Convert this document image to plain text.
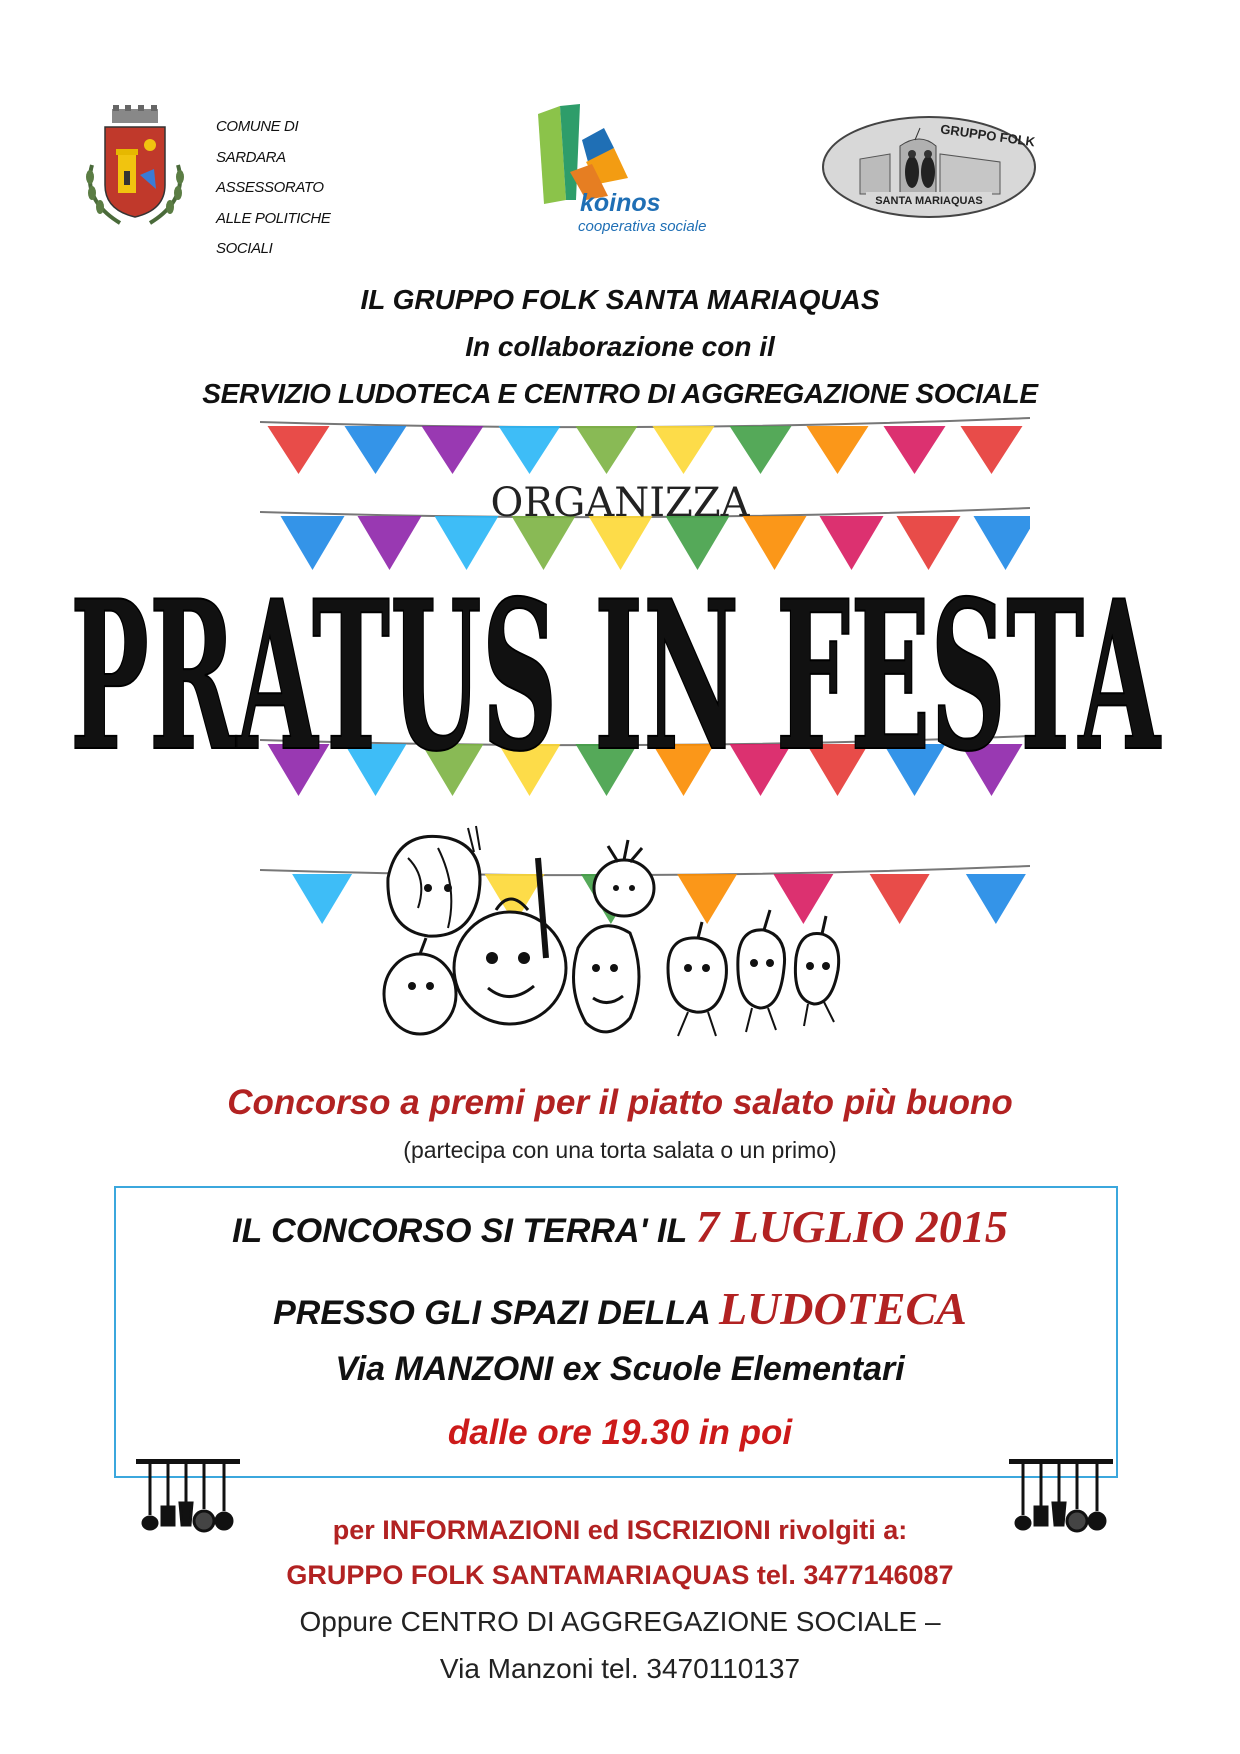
COMUNE DI
SARDARA
ASSESSORATO
ALLE POLITICHE
SOCIALI
koinos
cooperativa sociale
GRUPPO FOLK
SANTA MARIAQUAS
IL GRUPPO FOLK SANTA MARIAQUAS
In collaborazione con il
SERVIZIO LUDOTECA E CENTRO DI AGGREGAZIONE SOCIALE
ORGANIZZA
PRATUS IN FESTA
Concorso a premi per il piatto salato più buono
(partecipa con una torta salata o un primo)
IL CONCORSO SI TERRA' IL 7 LUGLIO 2015
PRESSO GLI SPAZI DELLA LUDOTECA
Via MANZONI ex Scuole Elementari
dalle ore 19.30 in poi
per INFORMAZIONI ed ISCRIZIONI rivolgiti a:
GRUPPO FOLK SANTAMARIAQUAS tel. 3477146087
Oppure CENTRO DI AGGREGAZIONE SOCIALE –
Via Manzoni tel. 3470110137
